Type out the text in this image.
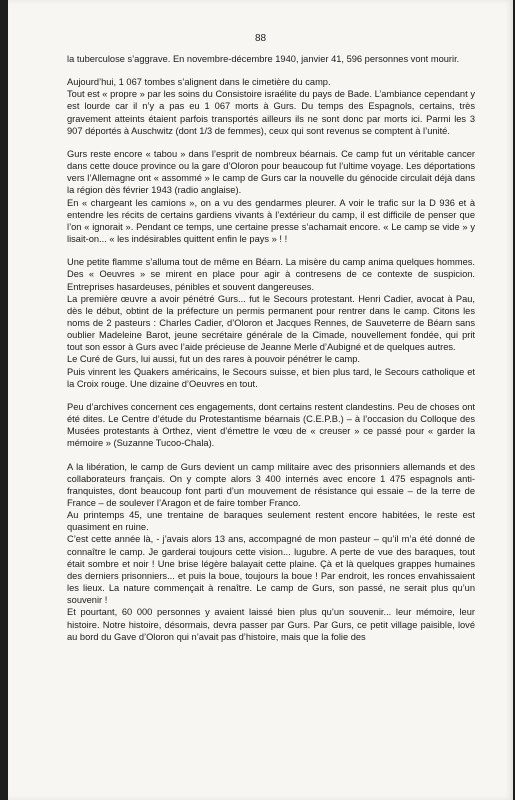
88

la tuberculose s’aggrave. En novembre-décembre 1940, janvier 41, 596 personnes vont mourir.

Aujourd’hui, 1 067 tombes s’alignent dans le cimetière du camp.
Tout est « propre » par les soins du Consistoire israélite du pays de Bade. L’ambiance cependant y est lourde car il n’y a pas eu 1 067 morts à Gurs. Du temps des Espagnols, certains, très gravement atteints étaient parfois transportés ailleurs ils ne sont donc par morts ici. Parmi les 3 907 déportés à Auschwitz (dont 1/3 de femmes), ceux qui sont revenus se comptent à l’unité.

Gurs reste encore « tabou » dans l’esprit de nombreux béarnais. Ce camp fut un véritable cancer dans cette douce province ou la gare d’Oloron pour beaucoup fut l’ultime voyage. Les déportations vers l’Allemagne ont « assommé » le camp de Gurs car la nouvelle du génocide circulait déjà dans la région dès février 1943 (radio anglaise).
En « chargeant les camions », on a vu des gendarmes pleurer. A voir le trafic sur la D 936 et à entendre les récits de certains gardiens vivants à l’extérieur du camp, il est difficile de penser que l’on « ignorait ». Pendant ce temps, une certaine presse s’acharnait encore. « Le camp se vide » y lisait-on... « les indésirables quittent enfin le pays » ! !

Une petite flamme s’alluma tout de même en Béarn. La misère du camp anima quelques hommes. Des « Oeuvres » se mirent en place pour agir à contresens de ce contexte de suspicion. Entreprises hasardeuses, pénibles et souvent dangereuses.
La première œuvre a avoir pénétré Gurs... fut le Secours protestant. Henri Cadier, avocat à Pau, dès le début, obtint de la préfecture un permis permanent pour rentrer dans le camp. Citons les noms de 2 pasteurs : Charles Cadier, d’Oloron et Jacques Rennes, de Sauveterre de Béarn sans oublier Madeleine Barot, jeune secrétaire générale de la Cimade, nouvellement fondée, qui prit tout son essor à Gurs avec l’aide précieuse de Jeanne Merle d’Aubigné et de quelques autres.
Le Curé de Gurs, lui aussi, fut un des rares à pouvoir pénétrer le camp.
Puis vinrent les Quakers américains, le Secours suisse, et bien plus tard, le Secours catholique et la Croix rouge. Une dizaine d’Oeuvres en tout.

Peu d’archives concernent ces engagements, dont certains restent clandestins. Peu de choses ont été dites. Le Centre d’étude du Protestantisme béarnais (C.E.P.B.) – à l’occasion du Colloque des Musées protestants à Orthez, vient d’émettre le vœu de « creuser » ce passé pour « garder la mémoire » (Suzanne Tucoo-Chala).

A la libération, le camp de Gurs devient un camp militaire avec des prisonniers allemands et des collaborateurs français. On y compte alors 3 400 internés avec encore 1 475 espagnols anti-franquistes, dont beaucoup font parti d’un mouvement de résistance qui essaie – de la terre de France – de soulever l’Aragon et de faire tomber Franco.
Au printemps 45, une trentaine de baraques seulement restent encore habitées, le reste est quasiment en ruine.
C’est cette année là, - j’avais alors 13 ans, accompagné de mon pasteur – qu’il m’a été donné de connaître le camp. Je garderai toujours cette vision... lugubre. A perte de vue des baraques, tout était sombre et noir ! Une brise légère balayait cette plaine. Çà et là quelques grappes humaines des derniers prisonniers... et puis la boue, toujours la boue ! Par endroit, les ronces envahissaient les lieux. La nature commençait à renaître. Le camp de Gurs, son passé, ne serait plus qu’un souvenir !
Et pourtant, 60 000 personnes y avaient laissé bien plus qu’un souvenir... leur mémoire, leur histoire. Notre histoire, désormais, devra passer par Gurs. Par Gurs, ce petit village paisible, lové au bord du Gave d’Oloron qui n’avait pas d’histoire, mais que la folie des
